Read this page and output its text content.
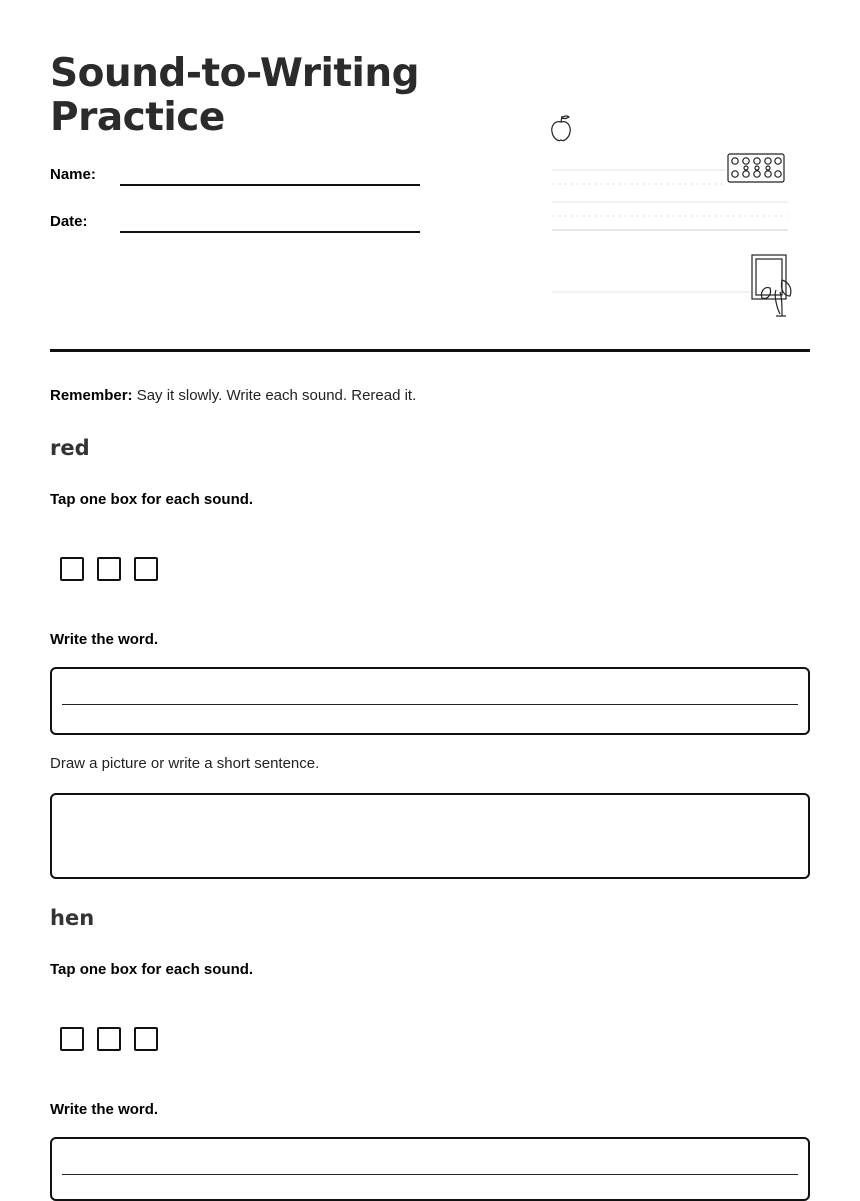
Sound-to-Writing Practice
Name:
Date:
Remember: Say it slowly. Write each sound. Reread it.
red
Tap one box for each sound.
Write the word.
Draw a picture or write a short sentence.
hen
Tap one box for each sound.
Write the word.
